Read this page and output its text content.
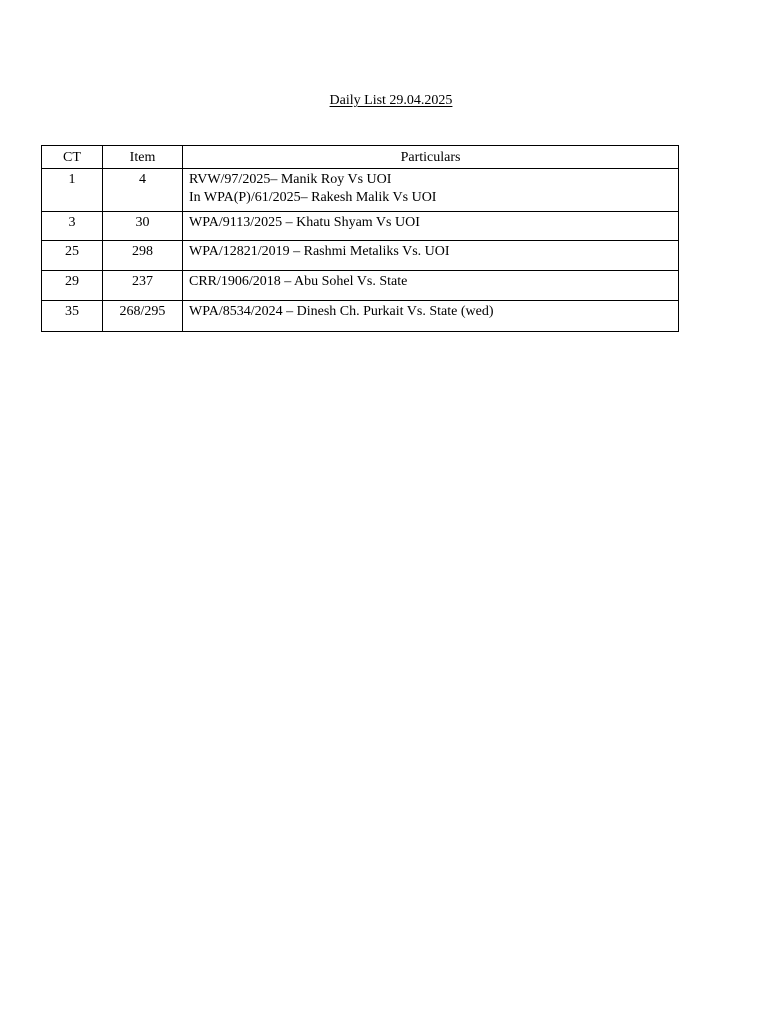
Daily List 29.04.2025
CT	Item	Particulars
1	4	RVW/97/2025– Manik Roy Vs UOI
In WPA(P)/61/2025– Rakesh Malik Vs UOI

3	30	WPA/9113/2025 – Khatu Shyam Vs UOI

25	298	WPA/12821/2019 – Rashmi Metaliks Vs. UOI

29	237	CRR/1906/2018 – Abu Sohel Vs. State

35	268/295	WPA/8534/2024 – Dinesh Ch. Purkait Vs. State (wed)
